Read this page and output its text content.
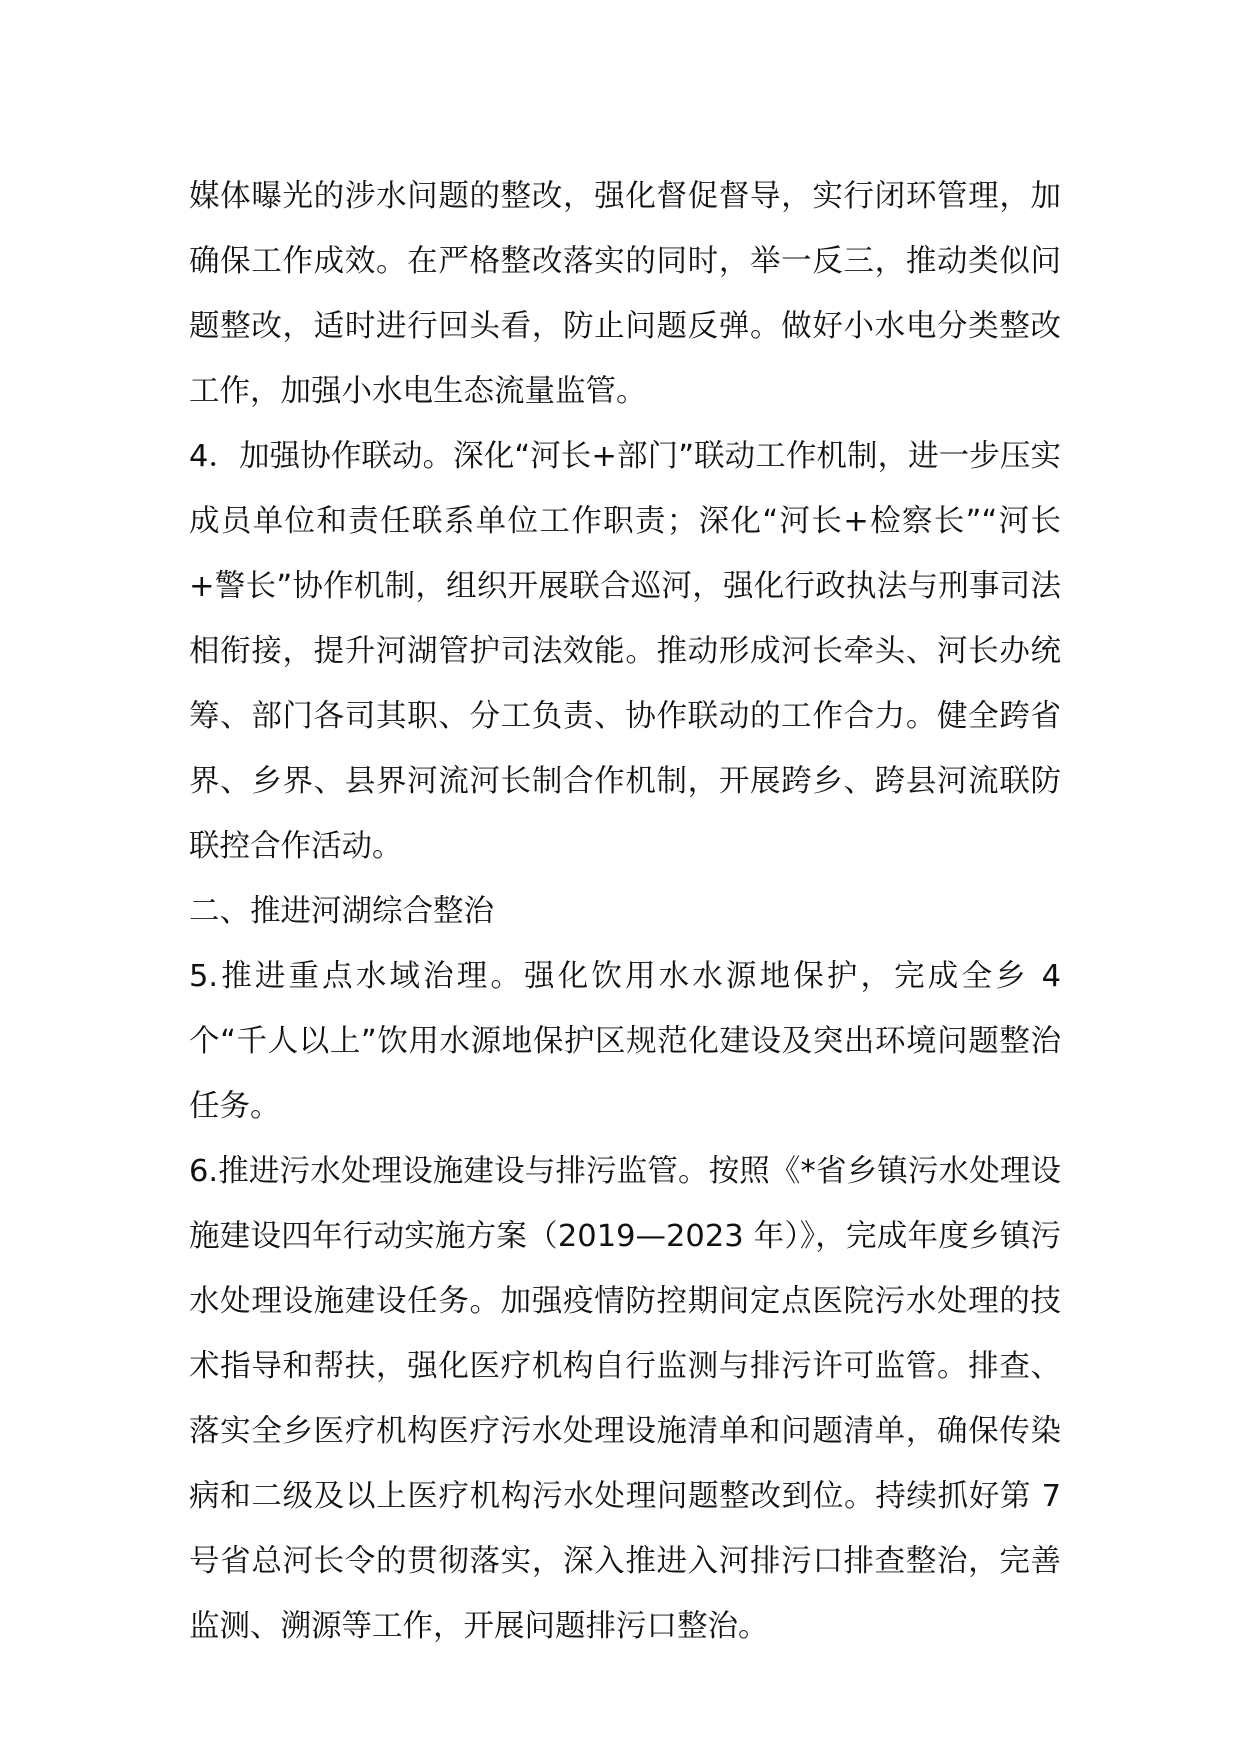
媒体曝光的涉水问题的整改，强化督促督导，实行闭环管理，加确保工作成效。在严格整改落实的同时，举一反三，推动类似问题整改，适时进行回头看，防止问题反弹。做好小水电分类整改工作，加强小水电生态流量监管。

4．加强协作联动。深化“河长+部门”联动工作机制，进一步压实成员单位和责任联系单位工作职责；深化“河长+检察长”“河长+警长”协作机制，组织开展联合巡河，强化行政执法与刑事司法相衔接，提升河湖管护司法效能。推动形成河长牵头、河长办统筹、部门各司其职、分工负责、协作联动的工作合力。健全跨省界、乡界、县界河流河长制合作机制，开展跨乡、跨县河流联防联控合作活动。

二、推进河湖综合整治

5.推进重点水域治理。强化饮用水水源地保护，完成全乡 4 个“千人以上”饮用水源地保护区规范化建设及突出环境问题整治任务。

6.推进污水处理设施建设与排污监管。按照《*省乡镇污水处理设施建设四年行动实施方案（2019—2023 年）》，完成年度乡镇污水处理设施建设任务。加强疫情防控期间定点医院污水处理的技术指导和帮扶，强化医疗机构自行监测与排污许可监管。排查、落实全乡医疗机构医疗污水处理设施清单和问题清单，确保传染病和二级及以上医疗机构污水处理问题整改到位。持续抓好第 7 号省总河长令的贯彻落实，深入推进入河排污口排查整治，完善监测、溯源等工作，开展问题排污口整治。
